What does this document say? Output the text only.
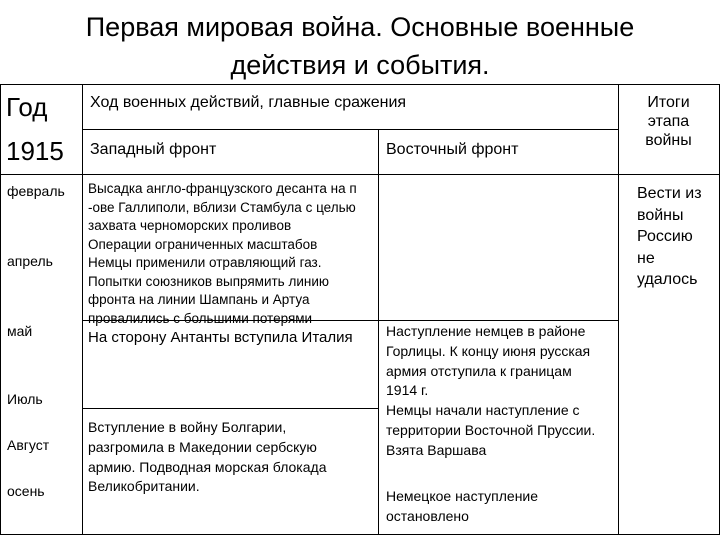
Первая мировая война. Основные военные
действия и события.
Год
1915
Ход военных действий, главные сражения
Западный фронт	Восточный фронт
Итоги
этапа
войны
февраль
апрель
май
Июль
Август
осень
Высадка англо-французского десанта на п
-ове Галлиполи, вблизи Стамбула с целью
захвата черноморских проливов
Операции ограниченных масштабов
Немцы применили отравляющий газ.
Попытки союзников выпрямить линию
фронта на линии Шампань и Артуа
провалились с большими потерями
На сторону Антанты вступила Италия
Вступление в войну Болгарии,
разгромила в Македонии сербскую
армию. Подводная морская блокада
Великобритании.
Наступление немцев в районе
Горлицы. К концу июня русская
армия отступила к границам
1914 г.
Немцы начали наступление с
территории Восточной Пруссии.
Взята Варшава
Немецкое наступление
остановлено
Вести из
войны
Россию
не
удалось
